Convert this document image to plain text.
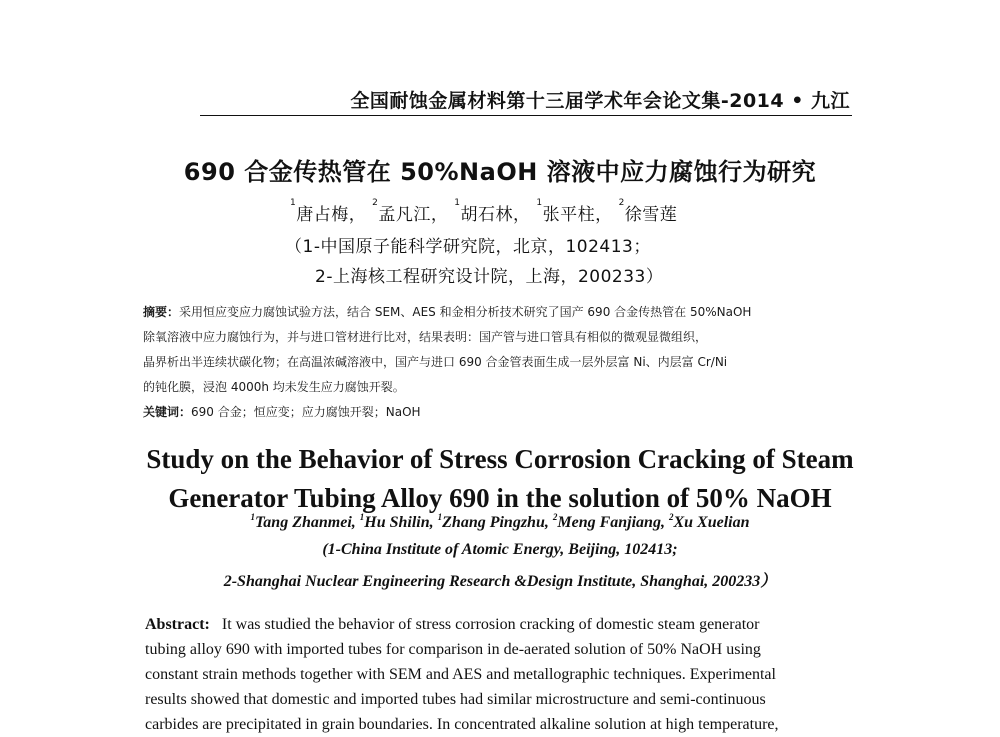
全国耐蚀金属材料第十三届学术年会论文集-2014 • 九江
690 合金传热管在 50%NaOH 溶液中应力腐蚀行为研究
$^1$唐占梅， $^2$孟凡江， $^1$胡石林， $^1$张平柱， $^2$徐雪莲
（1-中国原子能科学研究院，北京，102413；
2-上海核工程研究设计院，上海，200233）
摘要：采用恒应变应力腐蚀试验方法，结合 SEM、AES 和金相分析技术研究了国产 690 合金传热管在 50%NaOH
除氧溶液中应力腐蚀行为，并与进口管材进行比对，结果表明：国产管与进口管具有相似的微观显微组织，
晶界析出半连续状碳化物；在高温浓碱溶液中，国产与进口 690 合金管表面生成一层外层富 Ni、内层富 Cr/Ni
的钝化膜，浸泡 4000h 均未发生应力腐蚀开裂。
关键词：690 合金；恒应变；应力腐蚀开裂；NaOH
Study on the Behavior of Stress Corrosion Cracking of Steam
Generator Tubing Alloy 690 in the solution of 50% NaOH
$^1$Tang Zhanmei, $^1$Hu Shilin, $^1$Zhang Pingzhu, $^2$Meng Fanjiang, $^2$Xu Xuelian
(1-China Institute of Atomic Energy, Beijing, 102413;
2-Shanghai Nuclear Engineering Research &Design Institute, Shanghai, 200233）
Abstract: It was studied the behavior of stress corrosion cracking of domestic steam generator
tubing alloy 690 with imported tubes for comparison in de-aerated solution of 50% NaOH using
constant strain methods together with SEM and AES and metallographic techniques. Experimental
results showed that domestic and imported tubes had similar microstructure and semi-continuous
carbides are precipitated in grain boundaries. In concentrated alkaline solution at high temperature,
